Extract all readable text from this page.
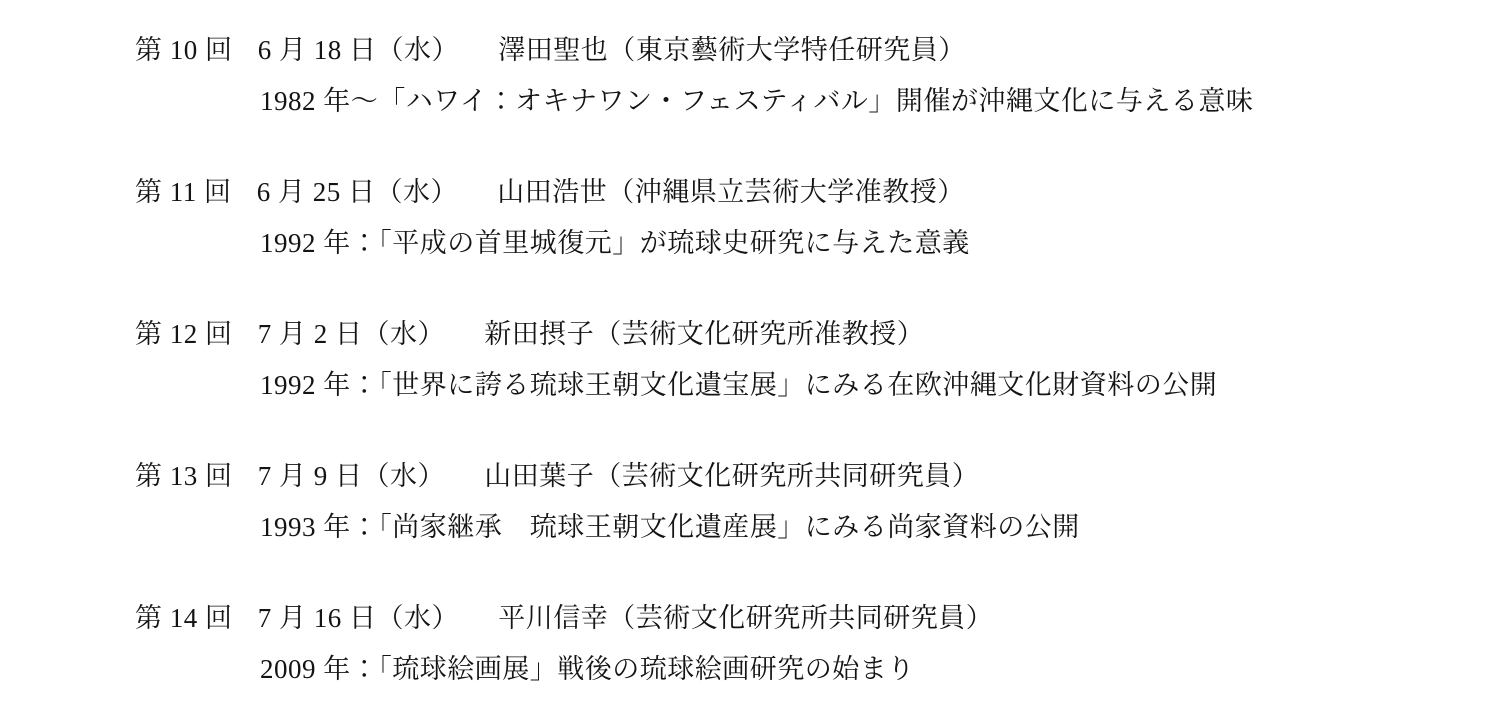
第 10 回 6 月 18 日（水） 澤田聖也（東京藝術大学特任研究員）
1982 年～「ハワイ：オキナワン・フェスティバル」開催が沖縄文化に与える意味
第 11 回 6 月 25 日（水） 山田浩世（沖縄県立芸術大学准教授）
1992 年：「平成の首里城復元」が琉球史研究に与えた意義
第 12 回 7 月 2 日（水） 新田摂子（芸術文化研究所准教授）
1992 年：「世界に誇る琉球王朝文化遺宝展」にみる在欧沖縄文化財資料の公開
第 13 回 7 月 9 日（水） 山田葉子（芸術文化研究所共同研究員）
1993 年：「尚家継承　琉球王朝文化遺産展」にみる尚家資料の公開
第 14 回 7 月 16 日（水） 平川信幸（芸術文化研究所共同研究員）
2009 年：「琉球絵画展」戦後の琉球絵画研究の始まり
